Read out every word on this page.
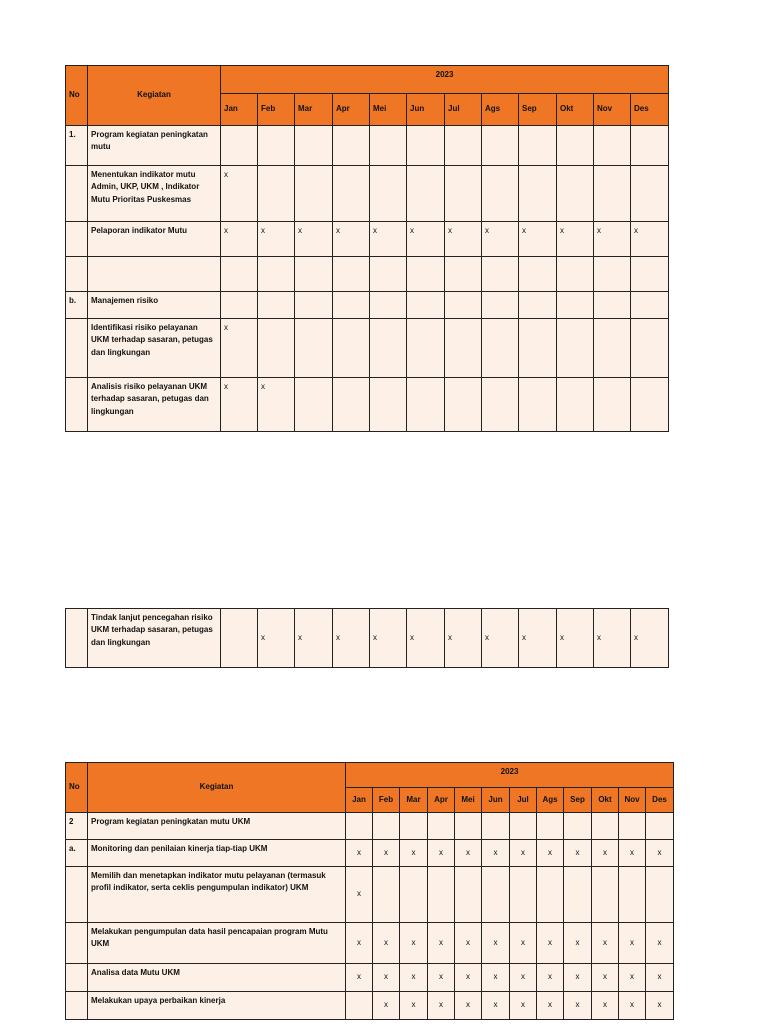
No	Kegiatan	2023											
		Jan	Feb	Mar	Apr	Mei	Jun	Jul	Ags	Sep	Okt	Nov	Des
1.	Program kegiatan peningkatan mutu												
	Menentukan indikator mutu Admin, UKP, UKM , Indikator Mutu Prioritas Puskesmas	x											
	Pelaporan indikator Mutu	x	x	x	x	x	x	x	x	x	x	x	x

b.	Manajemen risiko												
	Identifikasi risiko pelayanan UKM terhadap sasaran, petugas dan lingkungan	x											
	Analisis risiko pelayanan UKM terhadap sasaran, petugas dan lingkungan	x	x										
	Tindak lanjut pencegahan risiko UKM terhadap sasaran, petugas dan lingkungan		x	x	x	x	x	x	x	x	x	x	x
No	Kegiatan	2023											
		Jan	Feb	Mar	Apr	Mei	Jun	Jul	Ags	Sep	Okt	Nov	Des
2	Program kegiatan peningkatan mutu UKM												
a.	Monitoring dan penilaian kinerja tiap-tiap UKM	x	x	x	x	x	x	x	x	x	x	x	x
	Memilih dan menetapkan indikator mutu pelayanan (termasuk profil indikator, serta ceklis pengumpulan indikator) UKM	x											
	Melakukan pengumpulan data hasil pencapaian program Mutu UKM	x	x	x	x	x	x	x	x	x	x	x	x
	Analisa data Mutu UKM	x	x	x	x	x	x	x	x	x	x	x	x
	Melakukan upaya perbaikan kinerja		x	x	x	x	x	x	x	x	x	x	x
